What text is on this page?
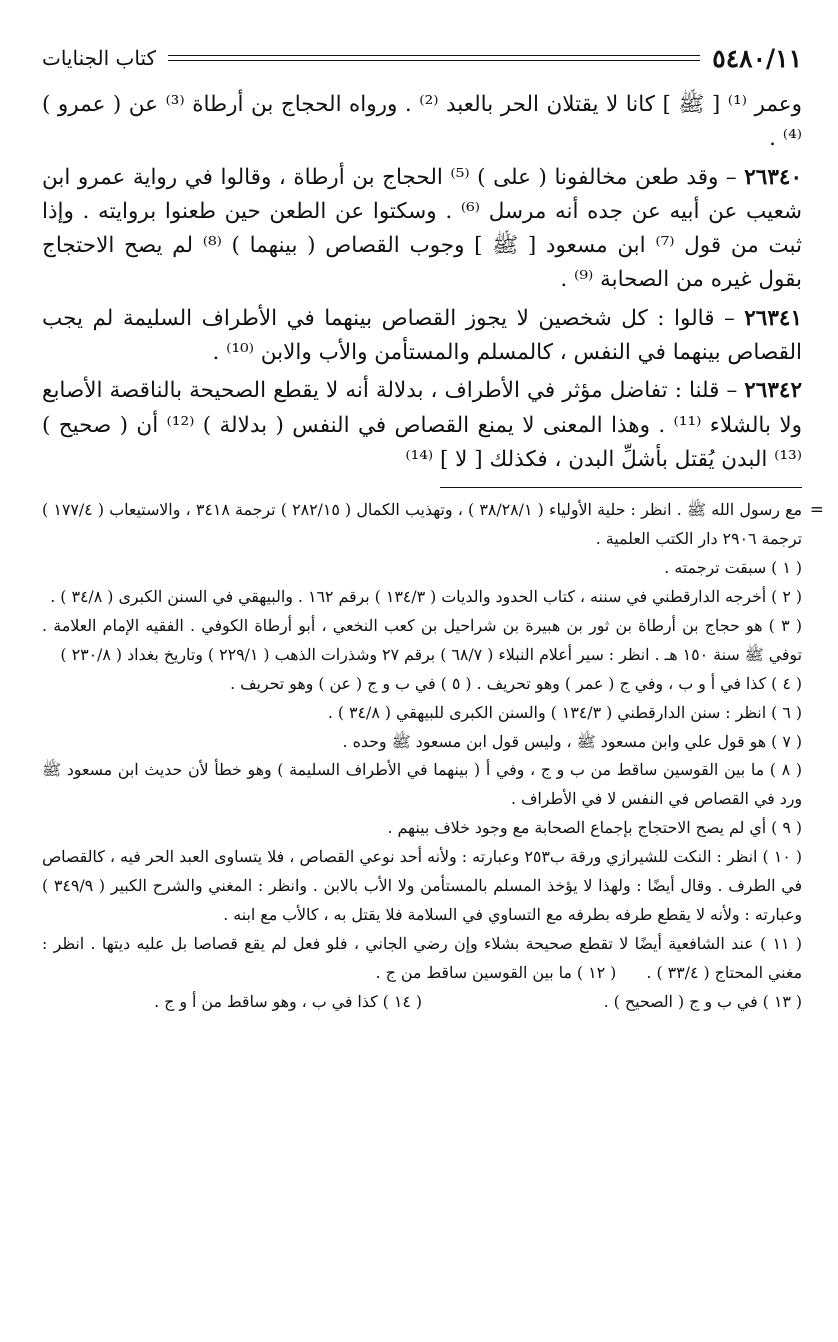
٥٤٨٠/١١
كتاب الجنايات

وعمر ⁽¹⁾ [ ﷺ ] كانا لا يقتلان الحر بالعبد ⁽²⁾ . ورواه الحجاج بن أرطاة ⁽³⁾ عن ( عمرو ) ⁽⁴⁾ .

٢٦٣٤٠ – وقد طعن مخالفونا ( على ) ⁽⁵⁾ الحجاج بن أرطاة ، وقالوا في رواية عمرو ابن شعيب عن أبيه عن جده أنه مرسل ⁽⁶⁾ . وسكتوا عن الطعن حين طعنوا بروايته . وإذا ثبت من قول ⁽⁷⁾ ابن مسعود [ ﷺ ] وجوب القصاص ( بينهما ) ⁽⁸⁾ لم يصح الاحتجاج بقول غيره من الصحابة ⁽⁹⁾ .

٢٦٣٤١ – قالوا : كل شخصين لا يجوز القصاص بينهما في الأطراف السليمة لم يجب القصاص بينهما في النفس ، كالمسلم والمستأمن والأب والابن ⁽¹⁰⁾ .

٢٦٣٤٢ – قلنا : تفاضل مؤثر في الأطراف ، بدلالة أنه لا يقطع الصحيحة بالناقصة الأصابع ولا بالشلاء ⁽¹¹⁾ . وهذا المعنى لا يمنع القصاص في النفس ( بدلالة ) ⁽¹²⁾ أن ( صحيح ) ⁽¹³⁾ البدن يُقتل بأشلِّ البدن ، فكذلك [ لا ] ⁽¹⁴⁾

=
مع رسول الله ﷺ . انظر : حلية الأولياء ( ٣٨/٢٨/١ ) ، وتهذيب الكمال ( ٢٨٢/١٥ ) ترجمة ٣٤١٨ ، والاستيعاب ( ١٧٧/٤ ) ترجمة ٢٩٠٦ دار الكتب العلمية .

( ١ ) سبقت ترجمته .

( ٢ ) أخرجه الدارقطني في سننه ، كتاب الحدود والديات ( ١٣٤/٣ ) برقم ١٦٢ . والبيهقي في السنن الكبرى ( ٣٤/٨ ) .

( ٣ ) هو حجاج بن أرطاة بن ثور بن هبيرة بن شراحيل بن كعب النخعي ، أبو أرطاة الكوفي . الفقيه الإمام العلامة . توفي ﷺ سنة ١٥٠ هـ . انظر : سير أعلام النبلاء ( ٦٨/٧ ) برقم ٢٧ وشذرات الذهب ( ٢٢٩/١ ) وتاريخ بغداد ( ٢٣٠/٨ )

( ٤ ) كذا في أ و ب ، وفي ج ( عمر ) وهو تحريف . ( ٥ ) في ب و ج ( عن ) وهو تحريف .

( ٦ ) انظر : سنن الدارقطني ( ١٣٤/٣ ) والسنن الكبرى للبيهقي ( ٣٤/٨ ) .

( ٧ ) هو قول علي وابن مسعود ﷺ ، وليس قول ابن مسعود ﷺ وحده .

( ٨ ) ما بين القوسين ساقط من ب و ج ، وفي أ ( بينهما في الأطراف السليمة ) وهو خطأ لأن حديث ابن مسعود ﷺ ورد في القصاص في النفس لا في الأطراف .

( ٩ ) أي لم يصح الاحتجاج بإجماع الصحابة مع وجود خلاف بينهم .

( ١٠ ) انظر : النكت للشيرازي ورقة ب٢٥٣ وعبارته : ولأنه أحد نوعي القصاص ، فلا يتساوى العبد الحر فيه ، كالقصاص في الطرف . وقال أيضًا : ولهذا لا يؤخذ المسلم بالمستأمن ولا الأب بالابن . وانظر : المغني والشرح الكبير ( ٣٤٩/٩ ) وعبارته : ولأنه لا يقطع طرفه بطرفه مع التساوي في السلامة فلا يقتل به ، كالأب مع ابنه .

( ١١ ) عند الشافعية أيضًا لا تقطع صحيحة بشلاء وإن رضي الجاني ، فلو فعل لم يقع قصاصا بل عليه ديتها . انظر : مغني المحتاج ( ٣٣/٤ ) .      ( ١٢ ) ما بين القوسين ساقط من ج .

( ١٣ ) في ب و ج ( الصحيح ) .
( ١٤ ) كذا في ب ، وهو ساقط من أ و ج .
